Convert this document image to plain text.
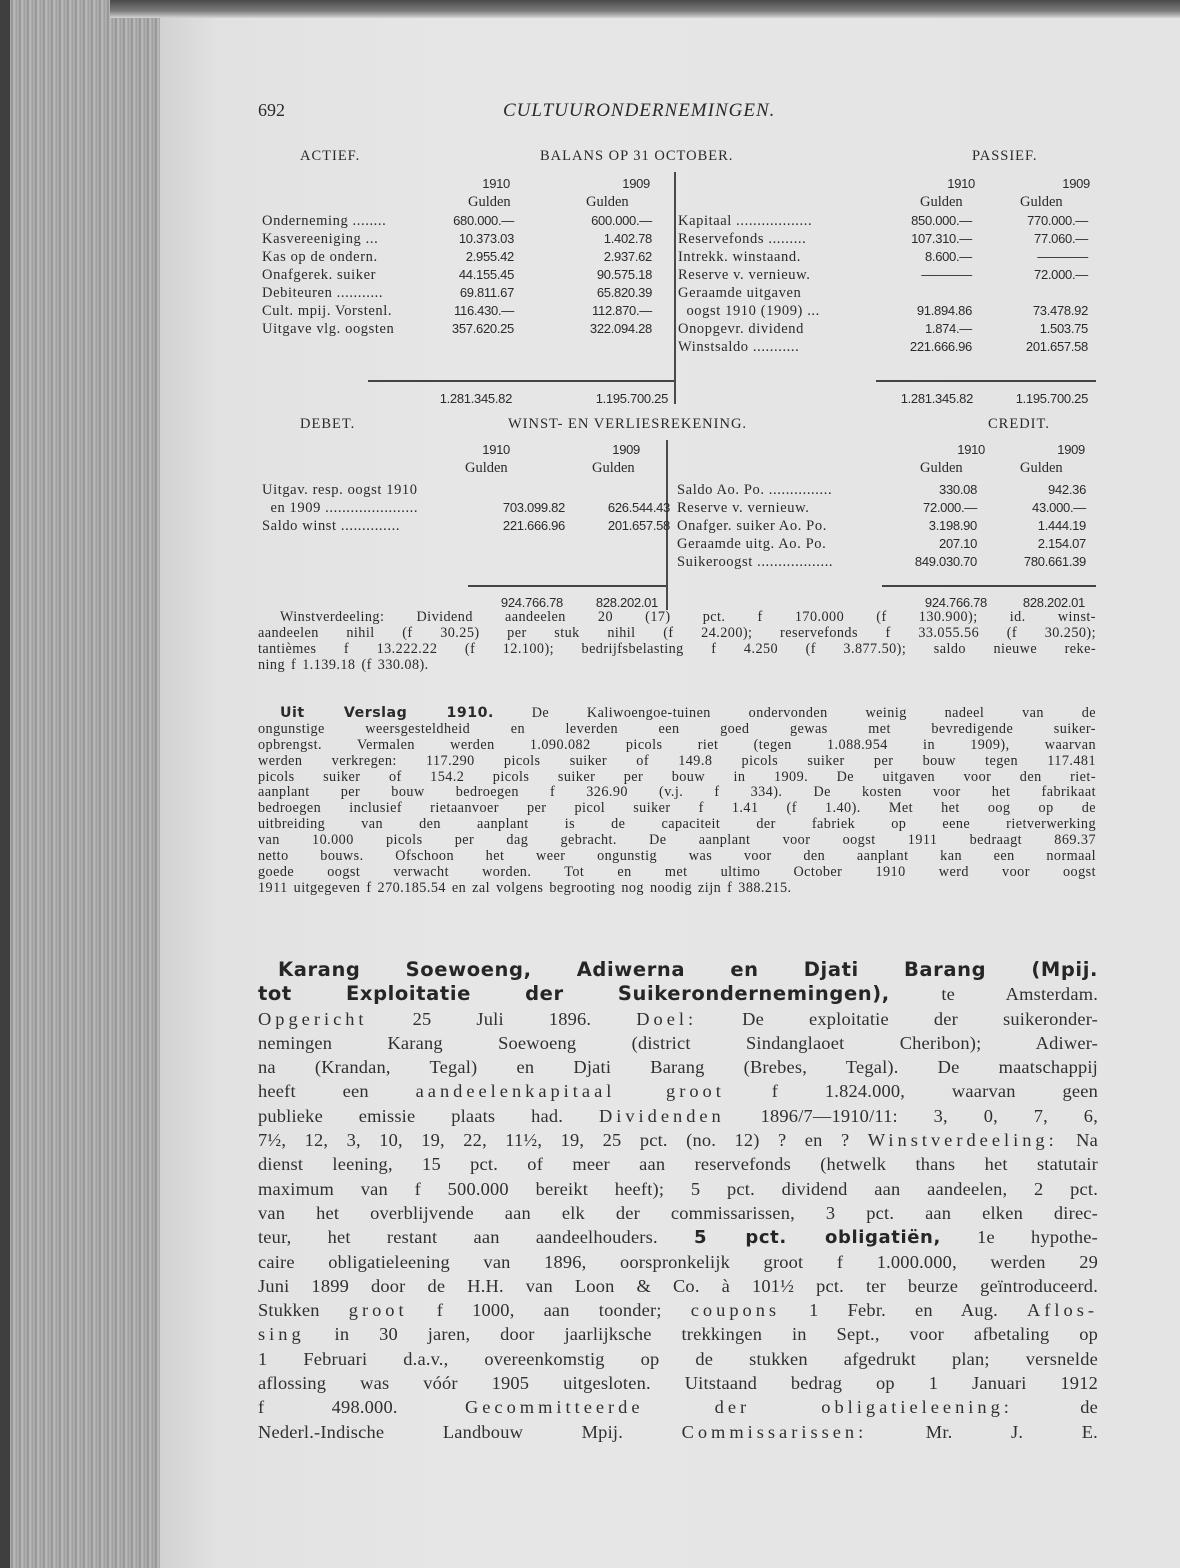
692	CULTUURONDERNEMINGEN.
ACTIEF.	BALANS OP 31 OCTOBER.	PASSIEF.
1910	1909
Gulden	Gulden
1910	1909
Gulden	Gulden
Onderneming ........	680.000.—	600.000.—
Kasvereeniging ...	10.373.03	1.402.78
Kas op de ondern.	2.955.42	2.937.62
Onafgerek. suiker	44.155.45	90.575.18
Debiteuren ...........	69.811.67	65.820.39
Cult. mpij. Vorstenl.	116.430.—	112.870.—
Uitgave vlg. oogsten	357.620.25	322.094.28
Kapitaal ..................	850.000.—	770.000.—
Reservefonds .........	107.310.—	77.060.—
Intrekk. winstaand.	8.600.—	————
Reserve v. vernieuw.	————	72.000.—
Geraamde uitgaven
oogst 1910 (1909) ...	91.894.86	73.478.92
Onopgevr. dividend	1.874.—	1.503.75
Winstsaldo ...........	221.666.96	201.657.58
1.281.345.82	1.195.700.25	1.281.345.82	1.195.700.25
DEBET.	WINST- EN VERLIESREKENING.	CREDIT.
1910	1909
Gulden	Gulden
1910	1909
Gulden	Gulden
Uitgav. resp. oogst 1910
en 1909 ......................	703.099.82	626.544.43
Saldo winst ..............	221.666.96	201.657.58
Saldo Ao. Po. ...............	330.08	942.36
Reserve v. vernieuw.	72.000.—	43.000.—
Onafger. suiker Ao. Po.	3.198.90	1.444.19
Geraamde uitg. Ao. Po.	207.10	2.154.07
Suikeroogst ..................	849.030.70	780.661.39
924.766.78	828.202.01	924.766.78	828.202.01
Winstverdeeling: Dividend aandeelen 20 (17) pct. f 170.000 (f 130.900); id. winst-
aandeelen nihil (f 30.25) per stuk nihil (f 24.200); reservefonds f 33.055.56 (f 30.250);
tantièmes f 13.222.22 (f 12.100); bedrijfsbelasting f 4.250 (f 3.877.50); saldo nieuwe reke-
ning f 1.139.18 (f 330.08).
Uit Verslag 1910.	De Kaliwoengoe-tuinen ondervonden weinig nadeel van de
ongunstige weersgesteldheid en leverden een goed gewas met bevredigende suiker-
opbrengst. Vermalen werden 1.090.082 picols riet (tegen 1.088.954 in 1909), waarvan
werden verkregen: 117.290 picols suiker of 149.8 picols suiker per bouw tegen 117.481
picols suiker of 154.2 picols suiker per bouw in 1909. De uitgaven voor den riet-
aanplant per bouw bedroegen f 326.90 (v.j. f 334). De kosten voor het fabrikaat
bedroegen inclusief rietaanvoer per picol suiker f 1.41 (f 1.40). Met het oog op de
uitbreiding van den aanplant is de capaciteit der fabriek op eene rietverwerking
van 10.000 picols per dag gebracht. De aanplant voor oogst 1911 bedraagt 869.37
netto bouws. Ofschoon het weer ongunstig was voor den aanplant kan een normaal
goede oogst verwacht worden. Tot en met ultimo October 1910 werd voor oogst
1911 uitgegeven f 270.185.54 en zal volgens begrooting nog noodig zijn f 388.215.
Karang Soewoeng, Adiwerna en Djati Barang (Mpij.
tot Exploitatie der Suikerondernemingen),	te Amsterdam.
Opgericht 25 Juli 1896. Doel: De exploitatie der suikeronder-
nemingen Karang Soewoeng (district Sindanglaoet Cheribon); Adiwer-
na (Krandan, Tegal) en Djati Barang (Brebes, Tegal). De maatschappij
heeft een aandeelenkapitaal groot f 1.824.000, waarvan geen
publieke emissie plaats had. Dividenden 1896/7—1910/11: 3, 0, 7, 6,
7½, 12, 3, 10, 19, 22, 11½, 19, 25 pct. (no. 12) ? en ? Winstverdeeling: Na
dienst leening, 15 pct. of meer aan reservefonds (hetwelk thans het statutair
maximum van f 500.000 bereikt heeft); 5 pct. dividend aan aandeelen, 2 pct.
van het overblijvende aan elk der commissarissen, 3 pct. aan elken direc-
teur, het restant aan aandeelhouders. 5 pct. obligatiën, 1e hypothe-
caire obligatieleening van 1896, oorspronkelijk groot f 1.000.000, werden 29
Juni 1899 door de H.H. van Loon & Co. à 101½ pct. ter beurze geïntroduceerd.
Stukken groot f 1000, aan toonder; coupons 1 Febr. en Aug. Aflos-
sing in 30 jaren, door jaarlijksche trekkingen in Sept., voor afbetaling op
1 Februari d.a.v., overeenkomstig op de stukken afgedrukt plan; versnelde
aflossing was vóór 1905 uitgesloten. Uitstaand bedrag op 1 Januari 1912
f 498.000. Gecommitteerde der obligatieleening: de
Nederl.-Indische Landbouw Mpij. Commissarissen: Mr. J. E.
